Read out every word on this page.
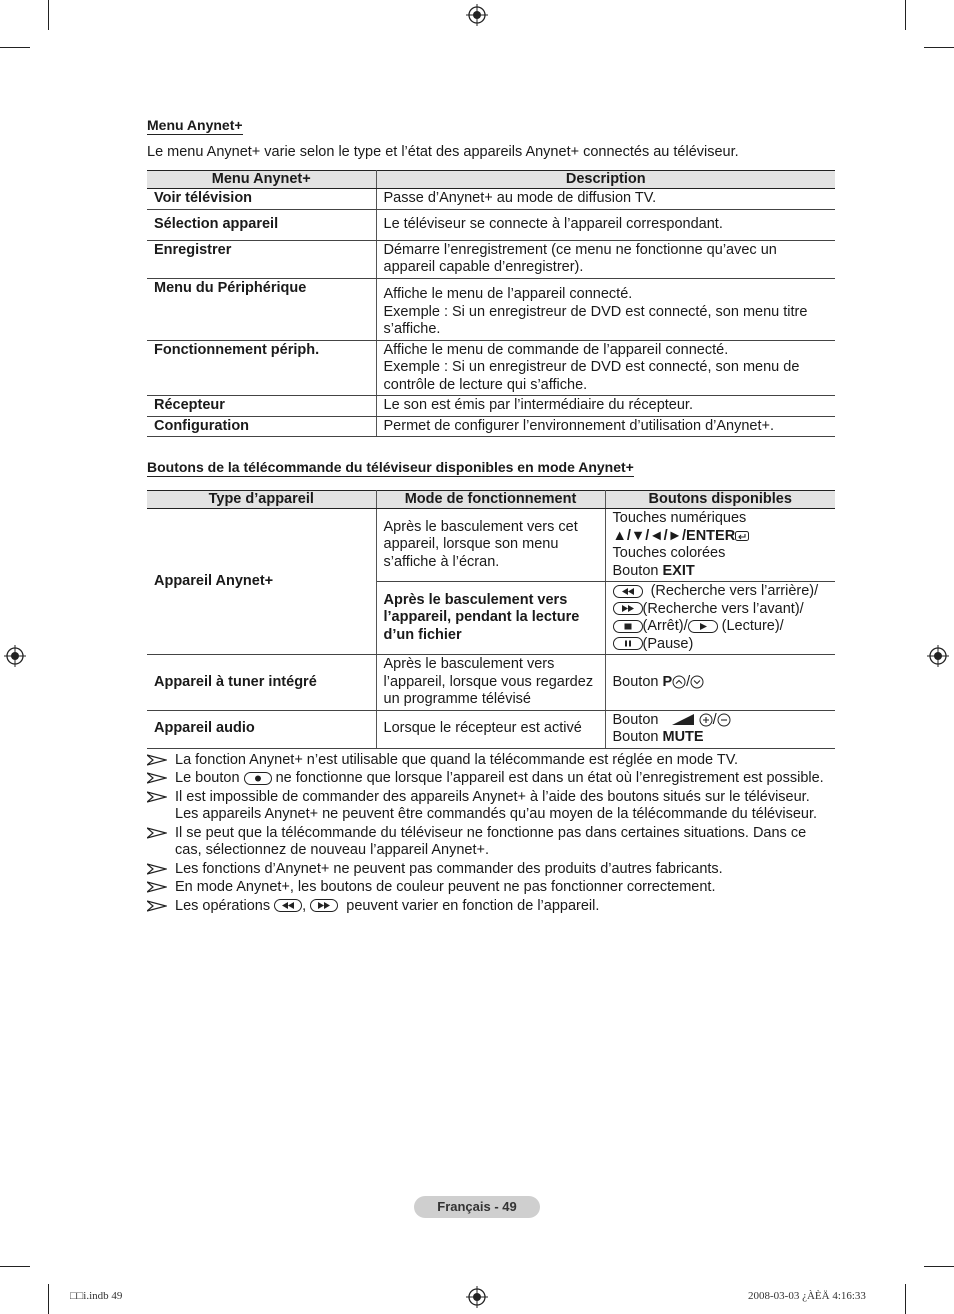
Menu Anynet+

Le menu Anynet+ varie selon le type et l’état des appareils Anynet+ connectés au téléviseur.

Menu Anynet+	Description
Voir télévision	Passe d’Anynet+ au mode de diffusion TV.
Sélection appareil	Le téléviseur se connecte à l’appareil correspondant.
Enregistrer	Démarre l’enregistrement (ce menu ne fonctionne qu’avec un appareil capable d’enregistrer).
Menu du Périphérique	Affiche le menu de l’appareil connecté.
Exemple : Si un enregistreur de DVD est connecté, son menu titre s’affiche.

Fonctionnement périph.	Affiche le menu de commande de l’appareil connecté.
Exemple : Si un enregistreur de DVD est connecté, son menu de contrôle de lecture qui s’affiche.

Récepteur	Le son est émis par l’intermédiaire du récepteur.
Configuration	Permet de configurer l’environnement d’utilisation d’Anynet+.
Boutons de la télécommande du téléviseur disponibles en mode Anynet+
Type d’appareil	Mode de fonctionnement	Boutons disponibles
Appareil Anynet+	Après le basculement vers cet appareil, lorsque son menu s’affiche à l’écran.	Touches numériques
▲/▼/◄/►/ENTER
Touches colorées
Bouton EXIT

	Après le basculement vers l’appareil, pendant la lecture d’un fichier	(Recherche vers l’arrière)/
(Recherche vers l’avant)/
(Arrêt)/ (Lecture)/
(Pause)

Appareil à tuner intégré	Après le basculement vers l’appareil, lorsque vous regardez un programme télévisé	Bouton P /
Appareil audio	Lorsque le récepteur est activé	Bouton /
Bouton MUTE
La fonction Anynet+ n’est utilisable que quand la télécommande est réglée en mode TV.
Le bouton ne fonctionne que lorsque l’appareil est dans un état où l’enregistrement est possible.
Il est impossible de commander des appareils Anynet+ à l’aide des boutons situés sur le téléviseur. Les appareils Anynet+ ne peuvent être commandés qu’au moyen de la télécommande du téléviseur.
Il se peut que la télécommande du téléviseur ne fonctionne pas dans certaines situations. Dans ce cas, sélectionnez de nouveau l’appareil Anynet+.
Les fonctions d’Anynet+ ne peuvent pas commander des produits d’autres fabricants.
En mode Anynet+, les boutons de couleur peuvent ne pas fonctionner correctement.
Les opérations ,	peuvent varier en fonction de l’appareil.
Français - 49
□□i.indb 49	2008-03-03 ¿ÀÈÄ 4:16:33
